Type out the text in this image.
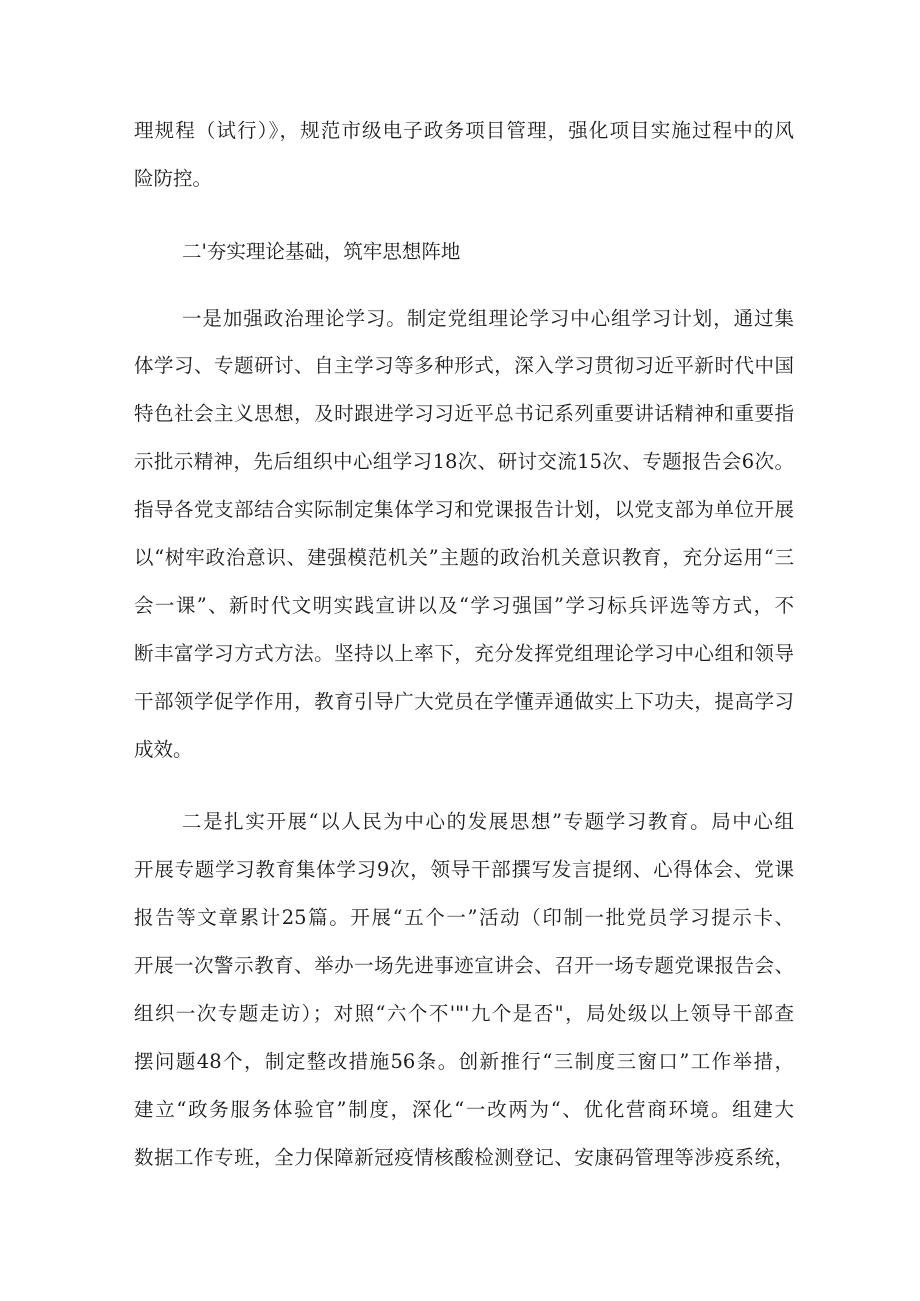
理规程（试行）》，规范市级电子政务项目管理，强化项目实施过程中的风
险防控。
二'夯实理论基础，筑牢思想阵地
一是加强政治理论学习。制定党组理论学习中心组学习计划，通过集
体学习、专题研讨、自主学习等多种形式，深入学习贯彻习近平新时代中国
特色社会主义思想，及时跟进学习习近平总书记系列重要讲话精神和重要指
示批示精神，先后组织中心组学习18次、研讨交流15次、专题报告会6次。
指导各党支部结合实际制定集体学习和党课报告计划，以党支部为单位开展
以“树牢政治意识、建强模范机关”主题的政治机关意识教育，充分运用“三
会一课”、新时代文明实践宣讲以及“学习强国”学习标兵评选等方式，不
断丰富学习方式方法。坚持以上率下，充分发挥党组理论学习中心组和领导
干部领学促学作用，教育引导广大党员在学懂弄通做实上下功夫，提高学习
成效。
二是扎实开展“以人民为中心的发展思想”专题学习教育。局中心组
开展专题学习教育集体学习9次，领导干部撰写发言提纲、心得体会、党课
报告等文章累计25篇。开展“五个一”活动（印制一批党员学习提示卡、
开展一次警示教育、举办一场先进事迹宣讲会、召开一场专题党课报告会、
组织一次专题走访）；对照“六个不'"'九个是否"，局处级以上领导干部查
摆问题48个，制定整改措施56条。创新推行“三制度三窗口”工作举措，
建立“政务服务体验官”制度，深化“一改两为“、优化营商环境。组建大
数据工作专班，全力保障新冠疫情核酸检测登记、安康码管理等涉疫系统，
